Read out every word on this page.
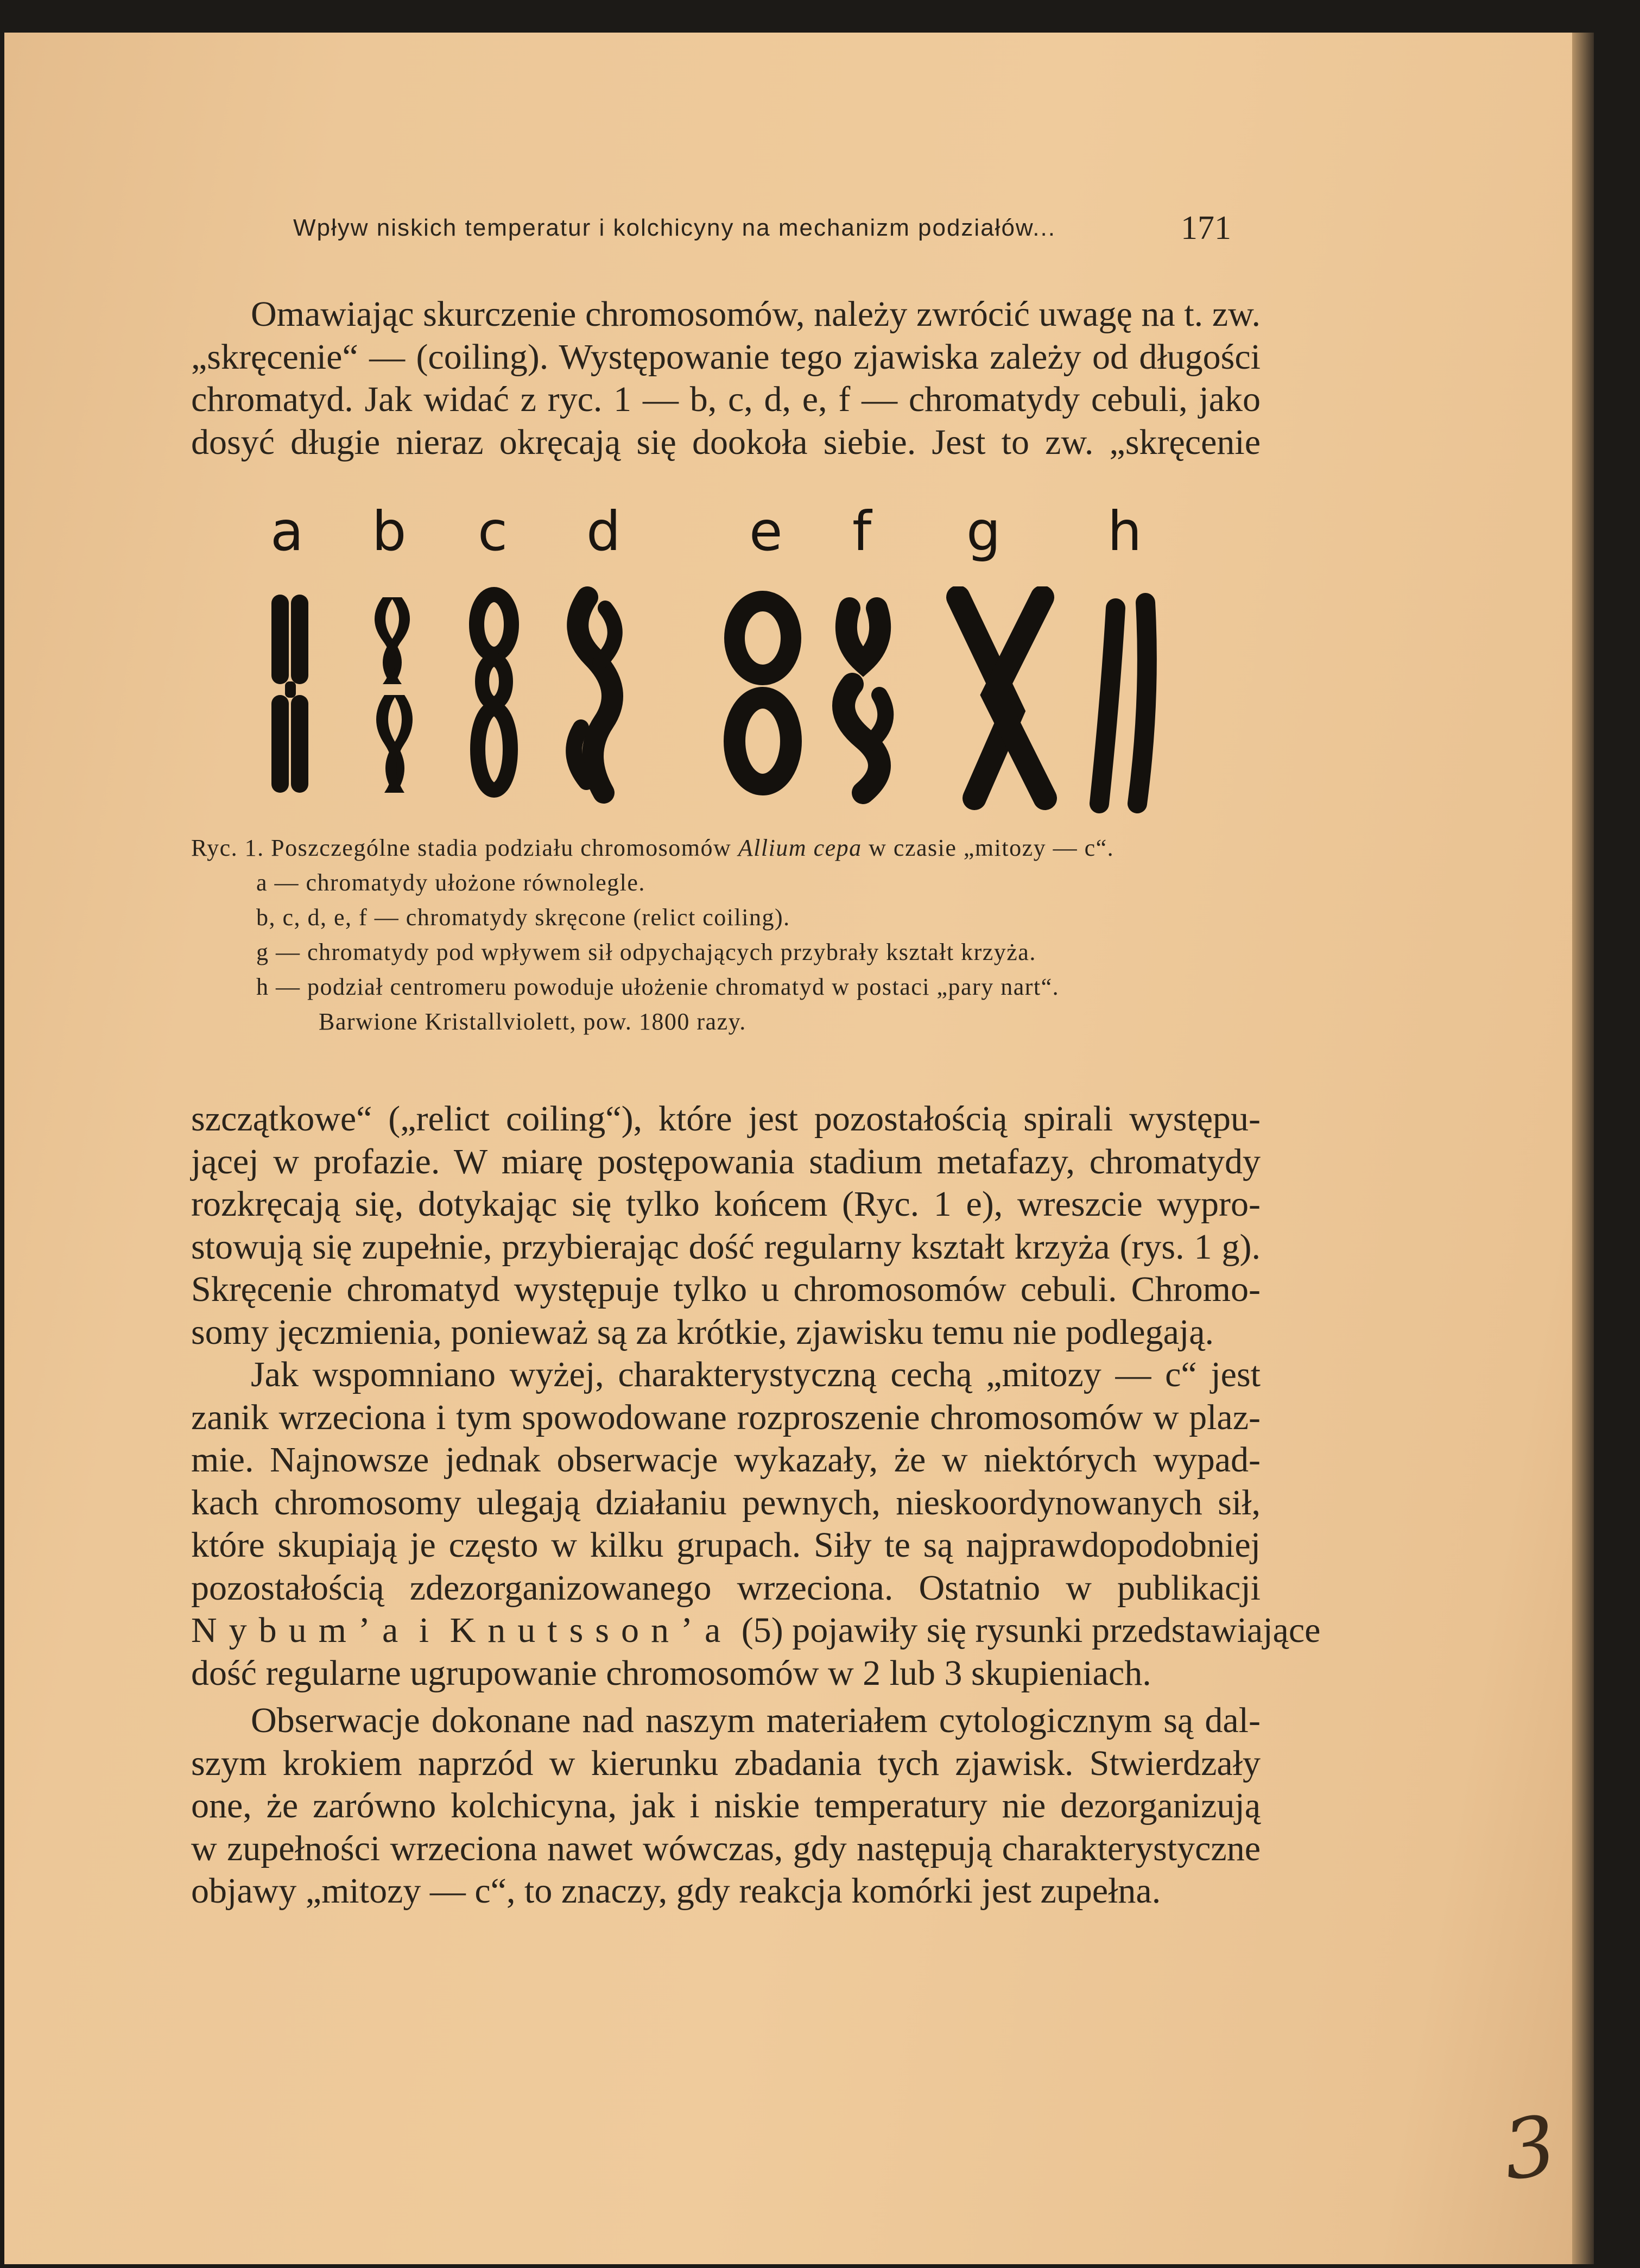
Wpływ niskich temperatur i kolchicyny na mechanizm podziałów...	171
Omawiając skurczenie chromosomów, należy zwrócić uwagę na t. zw.
„skręcenie“ — (coiling). Występowanie tego zjawiska zależy od długości
chromatyd. Jak widać z ryc. 1 — b, c, d, e, f — chromatydy cebuli, jako
dosyć długie nieraz okręcają się dookoła siebie. Jest to zw. „skręcenie
a b c d e f g h
Ryc. 1. Poszczególne stadia podziału chromosomów Allium cepa w czasie „mitozy — c“.
a — chromatydy ułożone równolegle.
b, c, d, e, f — chromatydy skręcone (relict coiling).
g — chromatydy pod wpływem sił odpychających przybrały kształt krzyża.
h — podział centromeru powoduje ułożenie chromatyd w postaci „pary nart“.
Barwione Kristallviolett, pow. 1800 razy.
szczątkowe“ („relict coiling“), które jest pozostałością spirali występu-
jącej w profazie. W miarę postępowania stadium metafazy, chromatydy
rozkręcają się, dotykając się tylko końcem (Ryc. 1 e), wreszcie wypro-
stowują się zupełnie, przybierając dość regularny kształt krzyża (rys. 1 g).
Skręcenie chromatyd występuje tylko u chromosomów cebuli. Chromo-
somy jęczmienia, ponieważ są za krótkie, zjawisku temu nie podlegają.
Jak wspomniano wyżej, charakterystyczną cechą „mitozy — c“ jest
zanik wrzeciona i tym spowodowane rozproszenie chromosomów w plaz-
mie. Najnowsze jednak obserwacje wykazały, że w niektórych wypad-
kach chromosomy ulegają działaniu pewnych, nieskoordynowanych sił,
które skupiają je często w kilku grupach. Siły te są najprawdopodobniej
pozostałością zdezorganizowanego wrzeciona. Ostatnio w publikacji
Nybum’a i Knutsson’a (5) pojawiły się rysunki przedstawiające
dość regularne ugrupowanie chromosomów w 2 lub 3 skupieniach.
Obserwacje dokonane nad naszym materiałem cytologicznym są dal-
szym krokiem naprzód w kierunku zbadania tych zjawisk. Stwierdzały
one, że zarówno kolchicyna, jak i niskie temperatury nie dezorganizują
w zupełności wrzeciona nawet wówczas, gdy następują charakterystyczne
objawy „mitozy — c“, to znaczy, gdy reakcja komórki jest zupełna.
3
